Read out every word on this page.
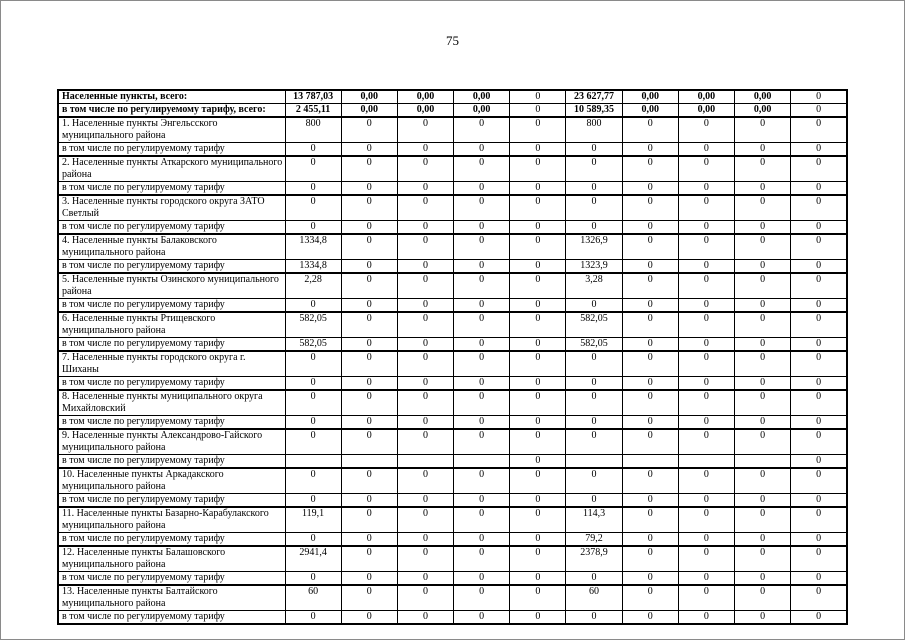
75
Населенные пункты, всего:	13 787,03	0,00	0,00	0,00	0	23 627,77	0,00	0,00	0,00	0
в том числе по регулируемому тарифу, всего:	2 455,11	0,00	0,00	0,00	0	10 589,35	0,00	0,00	0,00	0
1. Населенные пункты Энгельсского муниципального района	800	0	0	0	0	800	0	0	0	0
в том числе по регулируемому тарифу	0	0	0	0	0	0	0	0	0	0
2. Населенные пункты Аткарского муниципального района	0	0	0	0	0	0	0	0	0	0
в том числе по регулируемому тарифу	0	0	0	0	0	0	0	0	0	0
3. Населенные пункты городского округа ЗАТО Светлый	0	0	0	0	0	0	0	0	0	0
в том числе по регулируемому тарифу	0	0	0	0	0	0	0	0	0	0
4. Населенные пункты Балаковского муниципального района	1334,8	0	0	0	0	1326,9	0	0	0	0
в том числе по регулируемому тарифу	1334,8	0	0	0	0	1323,9	0	0	0	0
5. Населенные пункты Озинского муниципального района	2,28	0	0	0	0	3,28	0	0	0	0
в том числе по регулируемому тарифу	0	0	0	0	0	0	0	0	0	0
6. Населенные пункты Ртищевского муниципального района	582,05	0	0	0	0	582,05	0	0	0	0
в том числе по регулируемому тарифу	582,05	0	0	0	0	582,05	0	0	0	0
7. Населенные пункты городского округа г. Шиханы	0	0	0	0	0	0	0	0	0	0
в том числе по регулируемому тарифу	0	0	0	0	0	0	0	0	0	0
8. Населенные пункты муниципального округа Михайловский	0	0	0	0	0	0	0	0	0	0
в том числе по регулируемому тарифу	0	0	0	0	0	0	0	0	0	0
9. Населенные пункты Александрово-Гайского муниципального района	0	0	0	0	0	0	0	0	0	0
в том числе по регулируемому тарифу					0					0
10. Населенные пункты Аркадакского муниципального района	0	0	0	0	0	0	0	0	0	0
в том числе по регулируемому тарифу	0	0	0	0	0	0	0	0	0	0
11. Населенные пункты Базарно-Карабулакского муниципального района	119,1	0	0	0	0	114,3	0	0	0	0
в том числе по регулируемому тарифу	0	0	0	0	0	79,2	0	0	0	0
12. Населенные пункты Балашовского муниципального района	2941,4	0	0	0	0	2378,9	0	0	0	0
в том числе по регулируемому тарифу	0	0	0	0	0	0	0	0	0	0
13. Населенные пункты Балтайского муниципального района	60	0	0	0	0	60	0	0	0	0
в том числе по регулируемому тарифу	0	0	0	0	0	0	0	0	0	0
